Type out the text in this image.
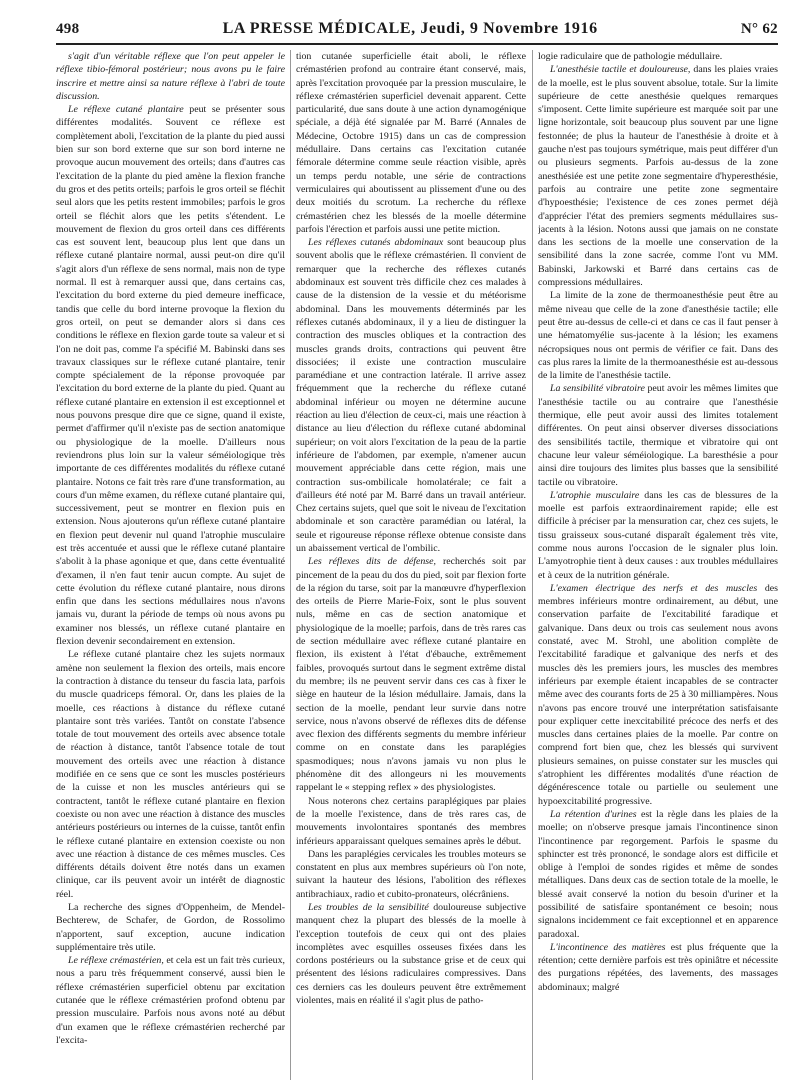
498	LA PRESSE MÉDICALE, Jeudi, 9 Novembre 1916	N° 62

s'agit d'un véritable réflexe que l'on peut appeler le réflexe tibio-fémoral postérieur; nous avons pu le faire inscrire et mettre ainsi sa nature réflexe à l'abri de toute discussion.

Le réflexe cutané plantaire peut se présenter sous différentes modalités. Souvent ce réflexe est complètement aboli, l'excitation de la plante du pied aussi bien sur son bord externe que sur son bord interne ne provoque aucun mouvement des orteils; dans d'autres cas l'excitation de la plante du pied amène la flexion franche du gros et des petits orteils; parfois le gros orteil se fléchit seul alors que les petits restent immobiles; parfois le gros orteil se fléchit alors que les petits s'étendent. Le mouvement de flexion du gros orteil dans ces différents cas est souvent lent, beaucoup plus lent que dans un réflexe cutané plantaire normal, aussi peut-on dire qu'il s'agit alors d'un réflexe de sens normal, mais non de type normal. Il est à remarquer aussi que, dans certains cas, l'excitation du bord externe du pied demeure inefficace, tandis que celle du bord interne provoque la flexion du gros orteil, on peut se demander alors si dans ces conditions le réflexe en flexion garde toute sa valeur et si l'on ne doit pas, comme l'a spécifié M. Babinski dans ses travaux classiques sur le réflexe cutané plantaire, tenir compte spécialement de la réponse provoquée par l'excitation du bord externe de la plante du pied. Quant au réflexe cutané plantaire en extension il est exceptionnel et nous pouvons presque dire que ce signe, quand il existe, permet d'affirmer qu'il n'existe pas de section anatomique ou physiologique de la moelle. D'ailleurs nous reviendrons plus loin sur la valeur séméiologique très importante de ces différentes modalités du réflexe cutané plantaire. Notons ce fait très rare d'une transformation, au cours d'un même examen, du réflexe cutané plantaire qui, successivement, peut se montrer en flexion puis en extension. Nous ajouterons qu'un réflexe cutané plantaire en flexion peut devenir nul quand l'atrophie musculaire est très accentuée et aussi que le réflexe cutané plantaire s'abolit à la phase agonique et que, dans cette éventualité d'examen, il n'en faut tenir aucun compte. Au sujet de cette évolution du réflexe cutané plantaire, nous dirons enfin que dans les sections médullaires nous n'avons jamais vu, durant la période de temps où nous avons pu examiner nos blessés, un réflexe cutané plantaire en flexion devenir secondairement en extension.

Le réflexe cutané plantaire chez les sujets normaux amène non seulement la flexion des orteils, mais encore la contraction à distance du tenseur du fascia lata, parfois du muscle quadriceps fémoral. Or, dans les plaies de la moelle, ces réactions à distance du réflexe cutané plantaire sont très variées. Tantôt on constate l'absence totale de tout mouvement des orteils avec absence totale de réaction à distance, tantôt l'absence totale de tout mouvement des orteils avec une réaction à distance modifiée en ce sens que ce sont les muscles postérieurs de la cuisse et non les muscles antérieurs qui se contractent, tantôt le réflexe cutané plantaire en flexion coexiste ou non avec une réaction à distance des muscles antérieurs postérieurs ou internes de la cuisse, tantôt enfin le réflexe cutané plantaire en extension coexiste ou non avec une réaction à distance de ces mêmes muscles. Ces différents détails doivent être notés dans un examen clinique, car ils peuvent avoir un intérêt de diagnostic réel.

La recherche des signes d'Oppenheim, de Mendel-Bechterew, de Schafer, de Gordon, de Rossolimo n'apportent, sauf exception, aucune indication supplémentaire très utile.

Le réflexe crémastérien, et cela est un fait très curieux, nous a paru très fréquemment conservé, aussi bien le réflexe crémastérien superficiel obtenu par excitation cutanée que le réflexe crémastérien profond obtenu par pression musculaire. Parfois nous avons noté au début d'un examen que le réflexe crémastérien recherché par l'excita-

tion cutanée superficielle était aboli, le réflexe crémastérien profond au contraire étant conservé, mais, après l'excitation provoquée par la pression musculaire, le réflexe crémastérien superficiel devenait apparent. Cette particularité, due sans doute à une action dynamogénique spéciale, a déjà été signalée par M. Barré (Annales de Médecine, Octobre 1915) dans un cas de compression médullaire. Dans certains cas l'excitation cutanée fémorale détermine comme seule réaction visible, après un temps perdu notable, une série de contractions vermiculaires qui aboutissent au plissement d'une ou des deux moitiés du scrotum. La recherche du réflexe crémastérien chez les blessés de la moelle détermine parfois l'érection et parfois aussi une petite miction.

Les réflexes cutanés abdominaux sont beaucoup plus souvent abolis que le réflexe crémastérien. Il convient de remarquer que la recherche des réflexes cutanés abdominaux est souvent très difficile chez ces malades à cause de la distension de la vessie et du météorisme abdominal. Dans les mouvements déterminés par les réflexes cutanés abdominaux, il y a lieu de distinguer la contraction des muscles obliques et la contraction des muscles grands droits, contractions qui peuvent être dissociées; il existe une contraction musculaire paramédiane et une contraction latérale. Il arrive assez fréquemment que la recherche du réflexe cutané abdominal inférieur ou moyen ne détermine aucune réaction au lieu d'élection de ceux-ci, mais une réaction à distance au lieu d'élection du réflexe cutané abdominal supérieur; on voit alors l'excitation de la peau de la partie inférieure de l'abdomen, par exemple, n'amener aucun mouvement appréciable dans cette région, mais une contraction sus-ombilicale homolatérale; ce fait a d'ailleurs été noté par M. Barré dans un travail antérieur. Chez certains sujets, quel que soit le niveau de l'excitation abdominale et son caractère paramédian ou latéral, la seule et rigoureuse réponse réflexe obtenue consiste dans un abaissement vertical de l'ombilic.

Les réflexes dits de défense, recherchés soit par pincement de la peau du dos du pied, soit par flexion forte de la région du tarse, soit par la manœuvre d'hyperflexion des orteils de Pierre Marie-Foix, sont le plus souvent nuls, même en cas de section anatomique et physiologique de la moelle; parfois, dans de très rares cas de section médullaire avec réflexe cutané plantaire en flexion, ils existent à l'état d'ébauche, extrêmement faibles, provoqués surtout dans le segment extrême distal du membre; ils ne peuvent servir dans ces cas à fixer le siège en hauteur de la lésion médullaire. Jamais, dans la section de la moelle, pendant leur survie dans notre service, nous n'avons observé de réflexes dits de défense avec flexion des différents segments du membre inférieur comme on en constate dans les paraplégies spasmodiques; nous n'avons jamais vu non plus le phénomène dit des allongeurs ni les mouvements rappelant le « stepping reflex » des physiologistes.

Nous noterons chez certains paraplégiques par plaies de la moelle l'existence, dans de très rares cas, de mouvements involontaires spontanés des membres inférieurs apparaissant quelques semaines après le début.

Dans les paraplégies cervicales les troubles moteurs se constatent en plus aux membres supérieurs où l'on note, suivant la hauteur des lésions, l'abolition des réflexes antibrachiaux, radio et cubito-pronateurs, olécrâniens.

Les troubles de la sensibilité douloureuse subjective manquent chez la plupart des blessés de la moelle à l'exception toutefois de ceux qui ont des plaies incomplètes avec esquilles osseuses fixées dans les cordons postérieurs ou la substance grise et de ceux qui présentent des lésions radiculaires compressives. Dans ces derniers cas les douleurs peuvent être extrêmement violentes, mais en réalité il s'agit plus de patho-

logie radiculaire que de pathologie médullaire.

L'anesthésie tactile et douloureuse, dans les plaies vraies de la moelle, est le plus souvent absolue, totale. Sur la limite supérieure de cette anesthésie quelques remarques s'imposent. Cette limite supérieure est marquée soit par une ligne horizontale, soit beaucoup plus souvent par une ligne festonnée; de plus la hauteur de l'anesthésie à droite et à gauche n'est pas toujours symétrique, mais peut différer d'un ou plusieurs segments. Parfois au-dessus de la zone anesthésiée est une petite zone segmentaire d'hyperesthésie, parfois au contraire une petite zone segmentaire d'hypoesthésie; l'existence de ces zones permet déjà d'apprécier l'état des premiers segments médullaires sus-jacents à la lésion. Notons aussi que jamais on ne constate dans les sections de la moelle une conservation de la sensibilité dans la zone sacrée, comme l'ont vu MM. Babinski, Jarkowski et Barré dans certains cas de compressions médullaires.

La limite de la zone de thermoanesthésie peut être au même niveau que celle de la zone d'anesthésie tactile; elle peut être au-dessus de celle-ci et dans ce cas il faut penser à une hématomyélie sus-jacente à la lésion; les examens nécropsiques nous ont permis de vérifier ce fait. Dans des cas plus rares la limite de la thermoanesthésie est au-dessous de la limite de l'anesthésie tactile.

La sensibilité vibratoire peut avoir les mêmes limites que l'anesthésie tactile ou au contraire que l'anesthésie thermique, elle peut avoir aussi des limites totalement différentes. On peut ainsi observer diverses dissociations des sensibilités tactile, thermique et vibratoire qui ont chacune leur valeur séméiologique. La baresthésie a pour ainsi dire toujours des limites plus basses que la sensibilité tactile ou vibratoire.

L'atrophie musculaire dans les cas de blessures de la moelle est parfois extraordinairement rapide; elle est difficile à préciser par la mensuration car, chez ces sujets, le tissu graisseux sous-cutané disparaît également très vite, comme nous aurons l'occasion de le signaler plus loin. L'amyotrophie tient à deux causes : aux troubles médullaires et à ceux de la nutrition générale.

L'examen électrique des nerfs et des muscles des membres inférieurs montre ordinairement, au début, une conservation parfaite de l'excitabilité faradique et galvanique. Dans deux ou trois cas seulement nous avons constaté, avec M. Strohl, une abolition complète de l'excitabilité faradique et galvanique des nerfs et des muscles dès les premiers jours, les muscles des membres inférieurs par exemple étaient incapables de se contracter même avec des courants forts de 25 à 30 milliampères. Nous n'avons pas encore trouvé une interprétation satisfaisante pour expliquer cette inexcitabilité précoce des nerfs et des muscles dans certaines plaies de la moelle. Par contre on comprend fort bien que, chez les blessés qui survivent plusieurs semaines, on puisse constater sur les muscles qui s'atrophient les différentes modalités d'une réaction de dégénérescence totale ou partielle ou seulement une hypoexcitabilité progressive.

La rétention d'urines est la règle dans les plaies de la moelle; on n'observe presque jamais l'incontinence sinon l'incontinence par regorgement. Parfois le spasme du sphincter est très prononcé, le sondage alors est difficile et oblige à l'emploi de sondes rigides et même de sondes métalliques. Dans deux cas de section totale de la moelle, le blessé avait conservé la notion du besoin d'uriner et la possibilité de satisfaire spontanément ce besoin; nous signalons incidemment ce fait exceptionnel et en apparence paradoxal.

L'incontinence des matières est plus fréquente que la rétention; cette dernière parfois est très opiniâtre et nécessite des purgations répétées, des lavements, des massages abdominaux; malgré
